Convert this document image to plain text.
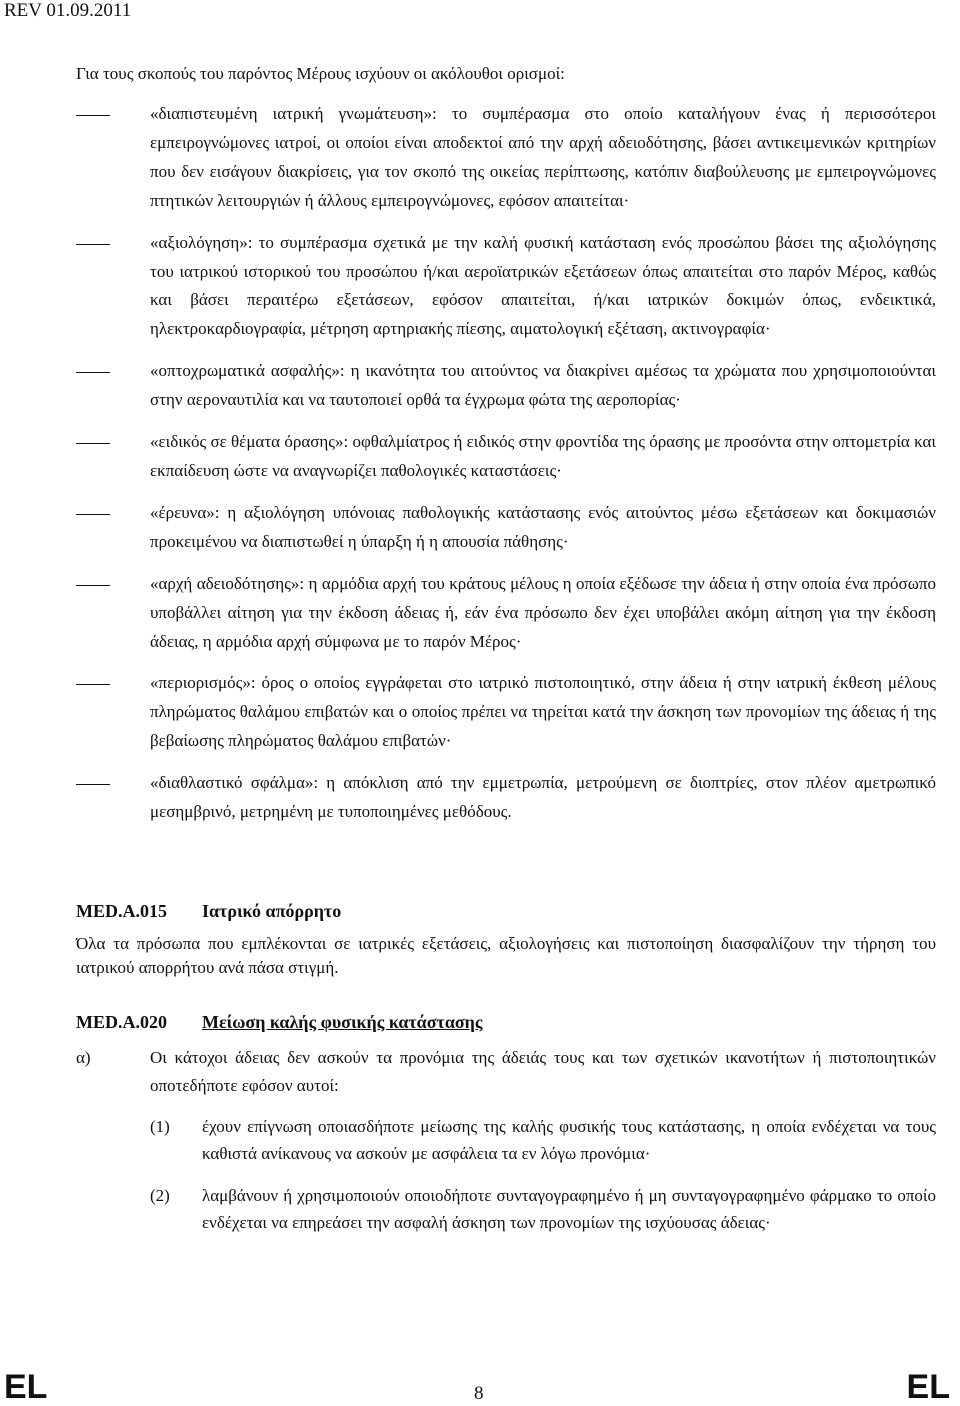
REV 01.09.2011
Για τους σκοπούς του παρόντος Μέρους ισχύουν οι ακόλουθοι ορισμοί:

«διαπιστευμένη ιατρική γνωμάτευση»: το συμπέρασμα στο οποίο καταλήγουν ένας ή περισσότεροι εμπειρογνώμονες ιατροί, οι οποίοι είναι αποδεκτοί από την αρχή αδειοδότησης, βάσει αντικειμενικών κριτηρίων που δεν εισάγουν διακρίσεις, για τον σκοπό της οικείας περίπτωσης, κατόπιν διαβούλευσης με εμπειρογνώμονες πτητικών λειτουργιών ή άλλους εμπειρογνώμονες, εφόσον απαιτείται·

«αξιολόγηση»: το συμπέρασμα σχετικά με την καλή φυσική κατάσταση ενός προσώπου βάσει της αξιολόγησης του ιατρικού ιστορικού του προσώπου ή/και αεροϊατρικών εξετάσεων όπως απαιτείται στο παρόν Μέρος, καθώς και βάσει περαιτέρω εξετάσεων, εφόσον απαιτείται, ή/και ιατρικών δοκιμών όπως, ενδεικτικά, ηλεκτροκαρδιογραφία, μέτρηση αρτηριακής πίεσης, αιματολογική εξέταση, ακτινογραφία·

«οπτοχρωματικά ασφαλής»: η ικανότητα του αιτούντος να διακρίνει αμέσως τα χρώματα που χρησιμοποιούνται στην αεροναυτιλία και να ταυτοποιεί ορθά τα έγχρωμα φώτα της αεροπορίας·

«ειδικός σε θέματα όρασης»: οφθαλμίατρος ή ειδικός στην φροντίδα της όρασης με προσόντα στην οπτομετρία και εκπαίδευση ώστε να αναγνωρίζει παθολογικές καταστάσεις·

«έρευνα»: η αξιολόγηση υπόνοιας παθολογικής κατάστασης ενός αιτούντος μέσω εξετάσεων και δοκιμασιών προκειμένου να διαπιστωθεί η ύπαρξη ή η απουσία πάθησης·

«αρχή αδειοδότησης»: η αρμόδια αρχή του κράτους μέλους η οποία εξέδωσε την άδεια ή στην οποία ένα πρόσωπο υποβάλλει αίτηση για την έκδοση άδειας ή, εάν ένα πρόσωπο δεν έχει υποβάλει ακόμη αίτηση για την έκδοση άδειας, η αρμόδια αρχή σύμφωνα με το παρόν Μέρος·

«περιορισμός»: όρος ο οποίος εγγράφεται στο ιατρικό πιστοποιητικό, στην άδεια ή στην ιατρική έκθεση μέλους πληρώματος θαλάμου επιβατών και ο οποίος πρέπει να τηρείται κατά την άσκηση των προνομίων της άδειας ή της βεβαίωσης πληρώματος θαλάμου επιβατών·

«διαθλαστικό σφάλμα»: η απόκλιση από την εμμετρωπία, μετρούμενη σε διοπτρίες, στον πλέον αμετρωπικό μεσημβρινό, μετρημένη με τυποποιημένες μεθόδους.

MED.A.015 Ιατρικό απόρρητο
Όλα τα πρόσωπα που εμπλέκονται σε ιατρικές εξετάσεις, αξιολογήσεις και πιστοποίηση διασφαλίζουν την τήρηση του ιατρικού απορρήτου ανά πάσα στιγμή.
MED.A.020 Μείωση καλής φυσικής κατάστασης
α)	Οι κάτοχοι άδειας δεν ασκούν τα προνόμια της άδειάς τους και των σχετικών ικανοτήτων ή πιστοποιητικών οποτεδήποτε εφόσον αυτοί:
(1) έχουν επίγνωση οποιασδήποτε μείωσης της καλής φυσικής τους κατάστασης, η οποία ενδέχεται να τους καθιστά ανίκανους να ασκούν με ασφάλεια τα εν λόγω προνόμια·
(2) λαμβάνουν ή χρησιμοποιούν οποιοδήποτε συνταγογραφημένο ή μη συνταγογραφημένο φάρμακο το οποίο ενδέχεται να επηρεάσει την ασφαλή άσκηση των προνομίων της ισχύουσας άδειας·
EL	8	EL
